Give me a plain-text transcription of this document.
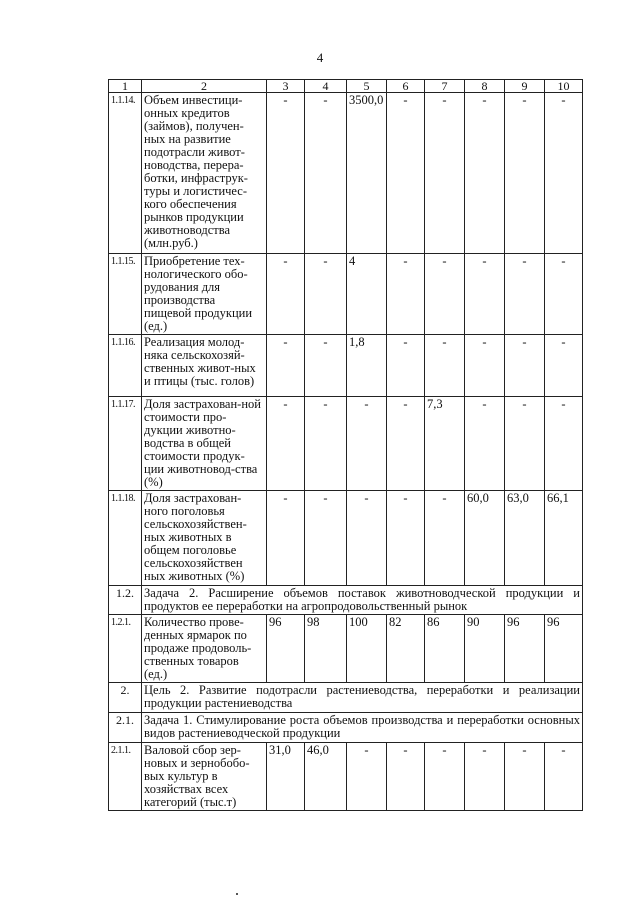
4
1	2	3	4	5	6	7	8	9	10
1.1.14.	Объем инвестици-онных кредитов (займов), получен-ных на развитие подотрасли живот-новодства, перера-ботки, инфраструк-туры и логистичес-кого обеспечения рынков продукции животноводства (млн.руб.)	-	-	3500,0	-	-	-	-	-
1.1.15.	Приобретение тех-нологического обо-рудования для производства пищевой продукции (ед.)	-	-	4	-	-	-	-	-
1.1.16.	Реализация молод-няка сельскохозяй-ственных живот-ных и птицы (тыс. голов)	-	-	1,8	-	-	-	-	-
1.1.17.	Доля застрахован-ной стоимости про-дукции животно-водства в общей стоимости продук-ции животновод-ства (%)	-	-	-	-	7,3	-	-	-
1.1.18.	Доля застрахован-ного поголовья сельскохозяйствен-ных животных в общем поголовье сельскохозяйствен ных животных (%)	-	-	-	-	-	60,0	63,0	66,1
1.2.	Задача 2. Расширение объемов поставок животноводческой продукции и продуктов ее переработки на агропродовольственный рынок								
1.2.1.	Количество прове-денных ярмарок по продаже продоволь-ственных товаров (ед.)	96	98	100	82	86	90	96	96
2.	Цель 2. Развитие подотрасли растениеводства, переработки и реализации продукции растениеводства								
2.1.	Задача 1. Стимулирование роста объемов производства и переработки основных видов растениеводческой продукции								
2.1.1.	Валовой сбор зер-новых и зернобобо-вых культур в хозяйствах всех категорий (тыс.т)	31,0	46,0	-	-	-	-	-	-
